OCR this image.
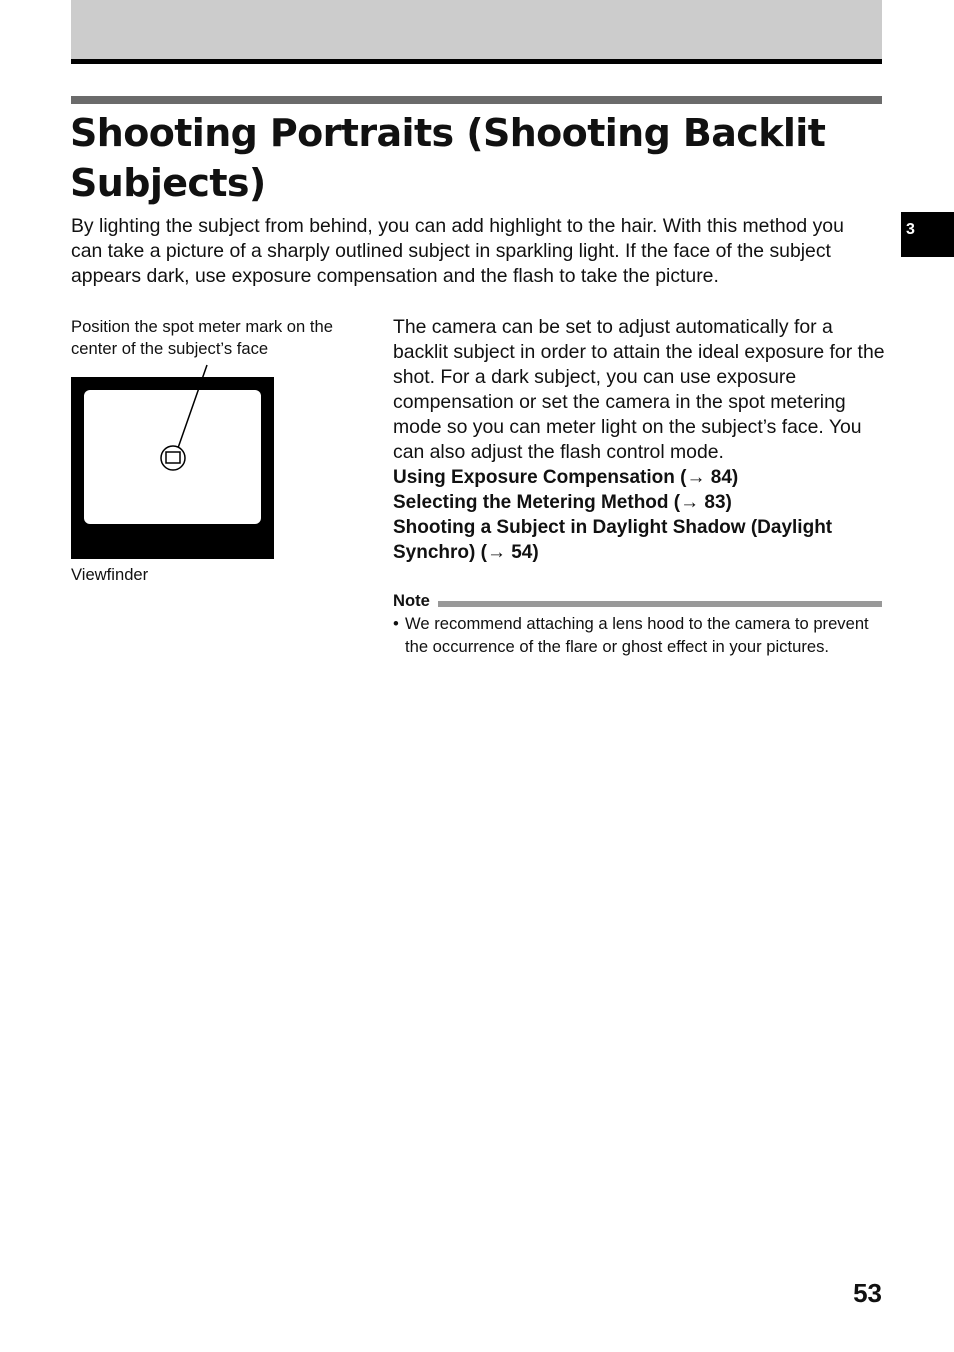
Shooting Portraits (Shooting Backlit Subjects)

By lighting the subject from behind, you can add highlight to the hair. With this method you can take a picture of a sharply outlined subject in sparkling light. If the face of the subject appears dark, use exposure compensation and the flash to take the picture.

3

Position the spot meter mark on the center of the subject’s face

Viewfinder

The camera can be set to adjust automatically for a backlit subject in order to attain the ideal exposure for the shot. For a dark subject, you can use exposure compensation or set the camera in the spot metering mode so you can meter light on the subject’s face. You can also adjust the flash control mode.

Using Exposure Compensation (→ 84)
Selecting the Metering Method (→ 83)
Shooting a Subject in Daylight Shadow (Daylight Synchro) (→ 54)
Note
• We recommend attaching a lens hood to the camera to prevent the occurrence of the flare or ghost effect in your pictures.
53
